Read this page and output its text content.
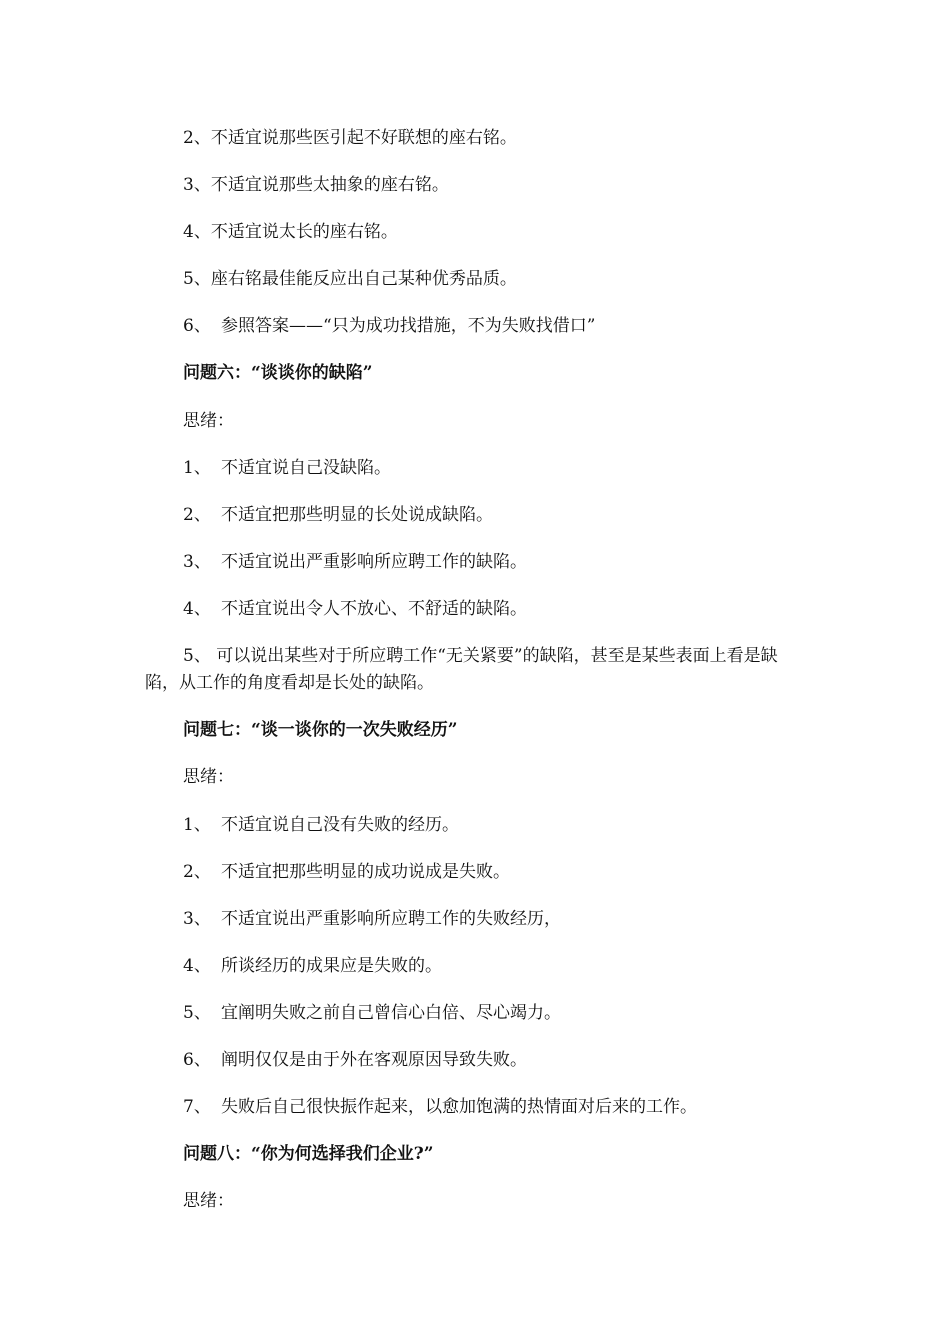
2、不适宜说那些医引起不好联想的座右铭。
3、不适宜说那些太抽象的座右铭。
4、不适宜说太长的座右铭。
5、座右铭最佳能反应出自己某种优秀品质。
6、 参照答案——“只为成功找措施，不为失败找借口”
问题六：“谈谈你的缺陷”
思绪：
1、 不适宜说自己没缺陷。
2、 不适宜把那些明显的长处说成缺陷。
3、 不适宜说出严重影响所应聘工作的缺陷。
4、 不适宜说出令人不放心、不舒适的缺陷。
5、 可以说出某些对于所应聘工作“无关紧要”的缺陷，甚至是某些表面上看是缺陷，从工作的角度看却是长处的缺陷。
问题七：“谈一谈你的一次失败经历”
思绪：
1、 不适宜说自己没有失败的经历。
2、 不适宜把那些明显的成功说成是失败。
3、 不适宜说出严重影响所应聘工作的失败经历，
4、 所谈经历的成果应是失败的。
5、 宜阐明失败之前自己曾信心白倍、尽心竭力。
6、 阐明仅仅是由于外在客观原因导致失败。
7、 失败后自己很快振作起来，以愈加饱满的热情面对后来的工作。
问题八：“你为何选择我们企业?”
思绪：
